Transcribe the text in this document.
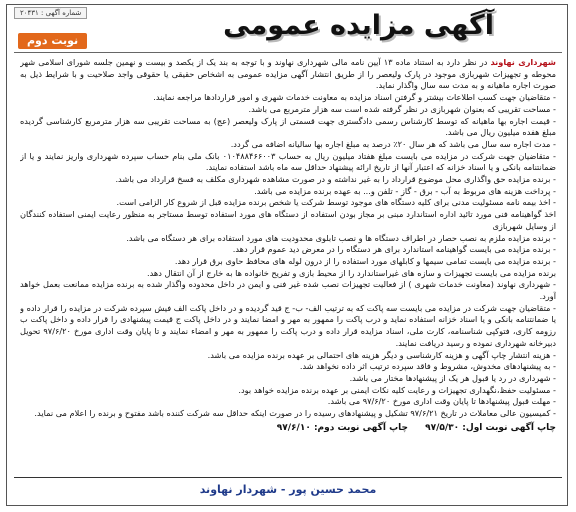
شماره آگهی : ۲۰۴۳۱	آگهی مزایده عمومی
نوبت دوم

شهرداری نهاوند در نظر دارد به استناد ماده ۱۳ آیین نامه مالی شهرداری نهاوند و با توجه به بند یک از یکصد و بیست و نهمین جلسه شورای اسلامی شهر محوطه و تجهیزات شهربازی موجود در پارک ولیعصر را از طریق انتشار آگهی مزایده عمومی به اشخاص حقیقی یا حقوقی واجد صلاحیت و با شرایط ذیل به صورت اجاره ماهیانه و به مدت سه سال واگذار نماید.

- متقاضیان جهت کسب اطلاعات بیشتر و گرفتن اسناد مزایده به معاونت خدمات شهری و امور قراردادها مراجعه نمایند.

- مساحت تقریبی که بعنوان شهربازی در نظر گرفته شده است سه هزار مترمربع می باشد.

- قیمت اجاره بها ماهیانه که توسط کارشناس رسمی دادگستری جهت قسمتی از پارک ولیعصر (عج) به مساحت تقریبی سه هزار مترمربع کارشناسی گردیده مبلغ هفده میلیون ریال می باشد.

- مدت اجاره سه سال می باشد که هر سال ۲۰٪ درصد به مبلغ اجاره بها سالیانه اضافه می گردد.

- متقاضیان جهت شرکت در مزایده می بایست مبلغ هفتاد میلیون ریال به حساب ۰۱۰۴۸۸۴۶۶۰۰۳ بانک ملی بنام حساب سپرده شهرداری واریز نمایند و یا از ضمانتنامه بانکی و یا اسناد خزانه که اعتبار آنها از تاریخ ارائه پیشنهاد حداقل سه ماه باشد استفاده نمایند.

- برنده مزایده حق واگذاری محل موضوع قرارداد را به غیر نداشته و در صورت مشاهده شهرداری مکلف به فسخ قرارداد می باشد.

- پرداخت هزینه های مربوط به آب - برق - گاز - تلفن و... به عهده برنده مزایده می باشد.

- اخذ بیمه نامه مسئولیت مدنی برای کلیه دستگاه های موجود توسط شرکت یا شخص برنده مزایده قبل از شروع کار الزامی است.

اخذ گواهینامه فنی مورد تائید اداره استاندارد مبنی بر مجاز بودن استفاده از دستگاه های مورد استفاده توسط مستاجر به منظور رعایت ایمنی استفاده کنندگان از وسایل شهربازی

- برنده مزایده ملزم به نصب حصار در اطراف دستگاه ها و نصب تابلوی محدودیت های مورد استفاده برای هر دستگاه می باشد.

- برنده مزایده می بایست گواهینامه استاندارد برای هر دستگاه را در معرض دید عموم قرار دهد.

- برنده مزایده می بایست تمامی سیمها و کابلهای مورد استفاده را از درون لوله های محافظ حاوی برق قرار دهد.

برنده مزایده می بایست تجهیزات و سازه های غیراستاندارد را از محیط بازی و تفریح خانواده ها به خارج از آن انتقال دهد.

- شهرداری نهاوند (معاونت خدمات شهری ) از فعالیت تجهیزات نصب شده غیر فنی و ایمن در داخل محدوده واگذار شده به برنده مزایده ممانعت بعمل خواهد آورد.

- متقاضیان جهت شرکت در مزایده می بایست سه پاکت که به ترتیب الف- ب- ج قید گردیده و در داخل پاکت الف فیش سپرده شرکت در مزایده را قرار داده و یا ضمانتنامه بانکی و یا اسناد خزانه استفاده نماید و درب پاکت را ممهور به مهر و امضا نمایند و در داخل پاکت ج قیمت پیشنهادی را قرار داده و داخل پاکت ب رزومه کاری، فتوکپی شناسنامه، کارت ملی، اسناد مزایده قرار داده و درب پاکت را ممهور به مهر و امضاء نمایند و تا پایان وقت اداری مورخ ۹۷/۶/۲۰ تحویل دبیرخانه شهرداری نموده و رسید دریافت نمایند.

- هزینه انتشار چاپ آگهی و هزینه کارشناسی و دیگر هزینه های احتمالی بر عهده برنده مزایده می باشد.

- به پیشنهادهای مخدوش، مشروط و فاقد سپرده ترتیب اثر داده نخواهد شد.

- شهرداری در رد یا قبول هر یک از پیشنهادها مختار می باشد.

- مسئولیت حفظ،نگهداری تجهیزات و رعایت کلیه نکات ایمنی بر عهده برنده مزایده خواهد بود.

- مهلت قبول پیشنهادها تا پایان وقت اداری مورخ ۹۷/۶/۲۰ می باشد.

- کمیسیون عالی معاملات در تاریخ ۹۷/۶/۲۱ تشکیل و پیشنهادهای رسیده را در صورت اینکه حداقل سه شرکت کننده باشد مفتوح و برنده را اعلام می نماید.

چاپ آگهی نوبت اول: ۹۷/۵/۳۰ چاپ آگهی نوبت دوم: ۹۷/۶/۱۰
محمد حسین پور - شهردار نهاوند
